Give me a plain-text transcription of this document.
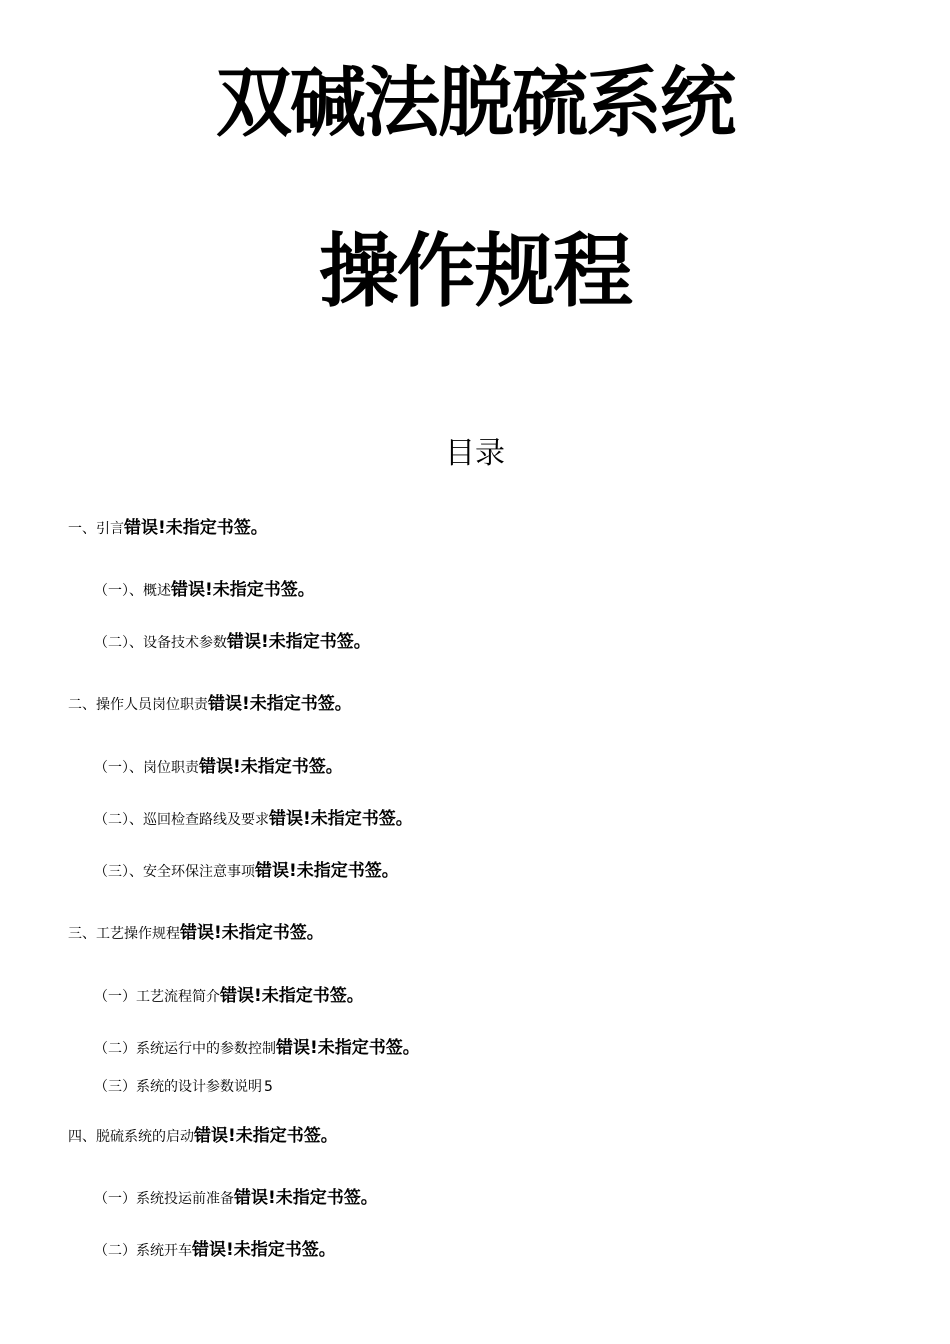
双碱法脱硫系统
操作规程
目录
一、引言错误!未指定书签。
（一）、概述错误!未指定书签。
（二）、设备技术参数错误!未指定书签。
二、操作人员岗位职责错误!未指定书签。
（一）、岗位职责错误!未指定书签。
（二）、巡回检查路线及要求错误!未指定书签。
（三）、安全环保注意事项错误!未指定书签。
三、工艺操作规程错误!未指定书签。
（一）工艺流程简介错误!未指定书签。
（二）系统运行中的参数控制错误!未指定书签。
（三）系统的设计参数说明 5
四、脱硫系统的启动错误!未指定书签。
（一）系统投运前准备错误!未指定书签。
（二）系统开车错误!未指定书签。
